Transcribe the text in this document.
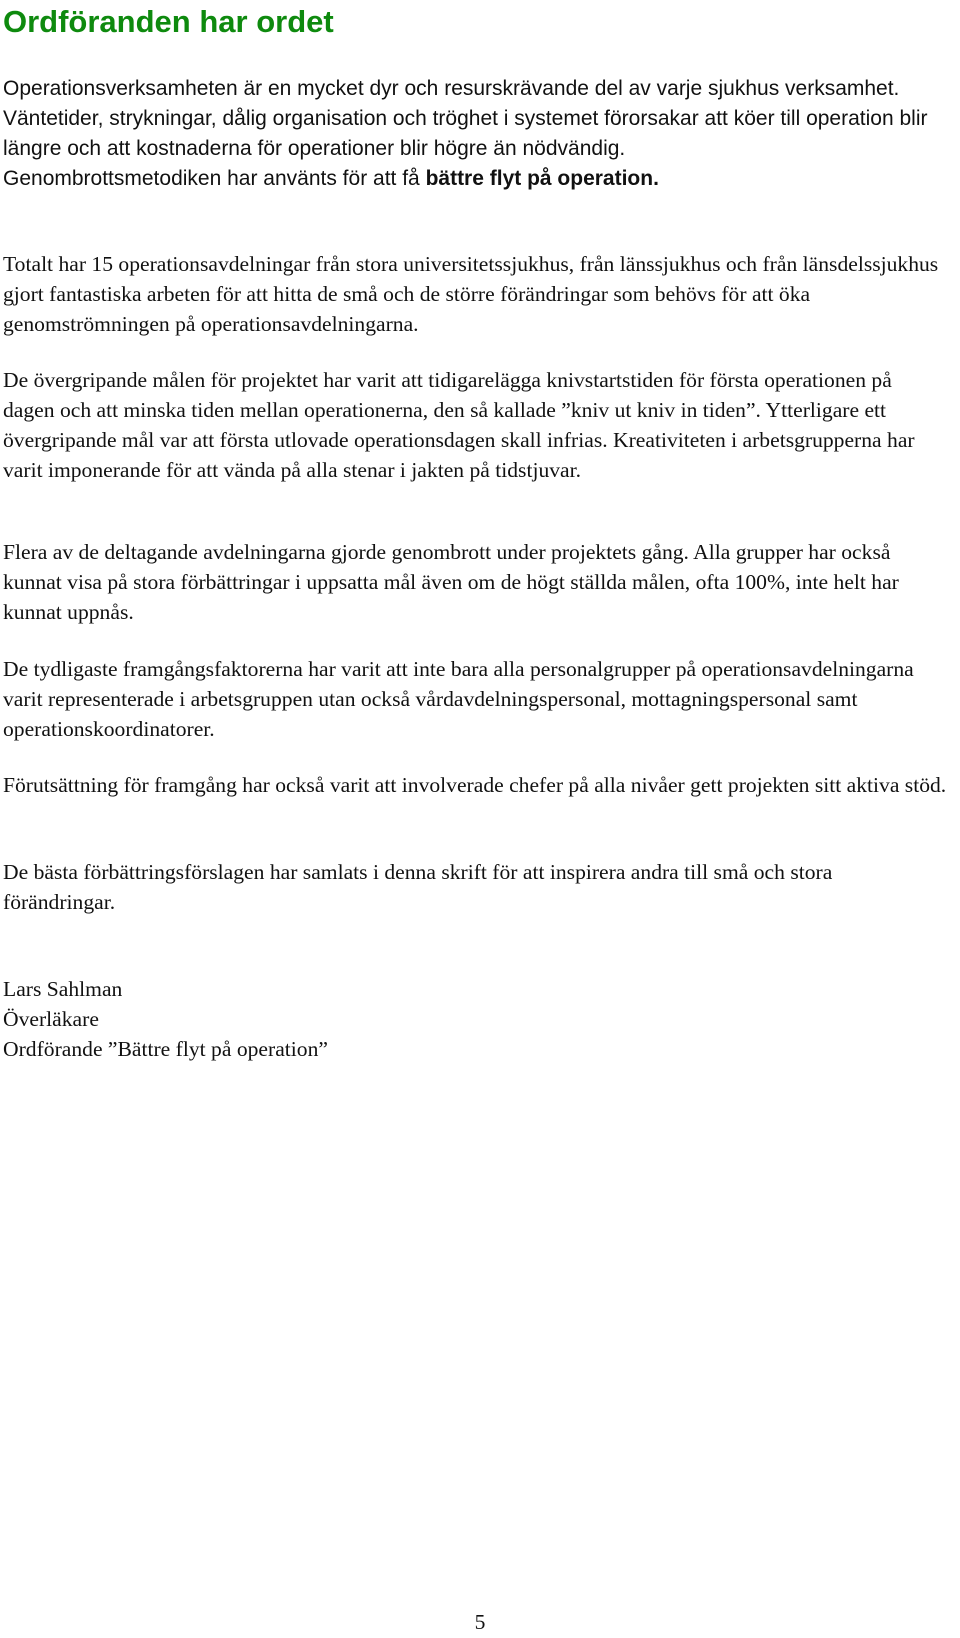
Ordföranden har ordet

Operationsverksamheten är en mycket dyr och resurskrävande del av varje sjukhus verksamhet. Väntetider, strykningar, dålig organisation och tröghet i systemet förorsakar att köer till operation blir längre och att kostnaderna för operationer blir högre än nödvändig.

Genombrottsmetodiken har använts för att få bättre flyt på operation.

Totalt har 15 operationsavdelningar från stora universitetssjukhus, från länssjukhus och från länsdelssjukhus gjort fantastiska arbeten för att hitta de små och de större förändringar som behövs för att öka genomströmningen på operationsavdelningarna.

De övergripande målen för projektet har varit att tidigarelägga knivstartstiden för första operationen på dagen och att minska tiden mellan operationerna, den så kallade ”kniv ut kniv in tiden”. Ytterligare ett övergripande mål var att första utlovade operationsdagen skall infrias. Kreativiteten i arbetsgrupperna har varit imponerande för att vända på alla stenar i jakten på tidstjuvar.

Flera av de deltagande avdelningarna gjorde genombrott under projektets gång. Alla grupper har också kunnat visa på stora förbättringar i uppsatta mål även om de högt ställda målen, ofta 100%, inte helt har kunnat uppnås.

De tydligaste framgångsfaktorerna har varit att inte bara alla personalgrupper på operationsavdelningarna varit representerade i arbetsgruppen utan också vårdavdelningspersonal, mottagningspersonal samt operationskoordinatorer.

Förutsättning för framgång har också varit att involverade chefer på alla nivåer gett projekten sitt aktiva stöd.

De bästa förbättringsförslagen har samlats i denna skrift för att inspirera andra till små och stora förändringar.

Lars Sahlman

Överläkare

Ordförande ”Bättre flyt på operation”

5
